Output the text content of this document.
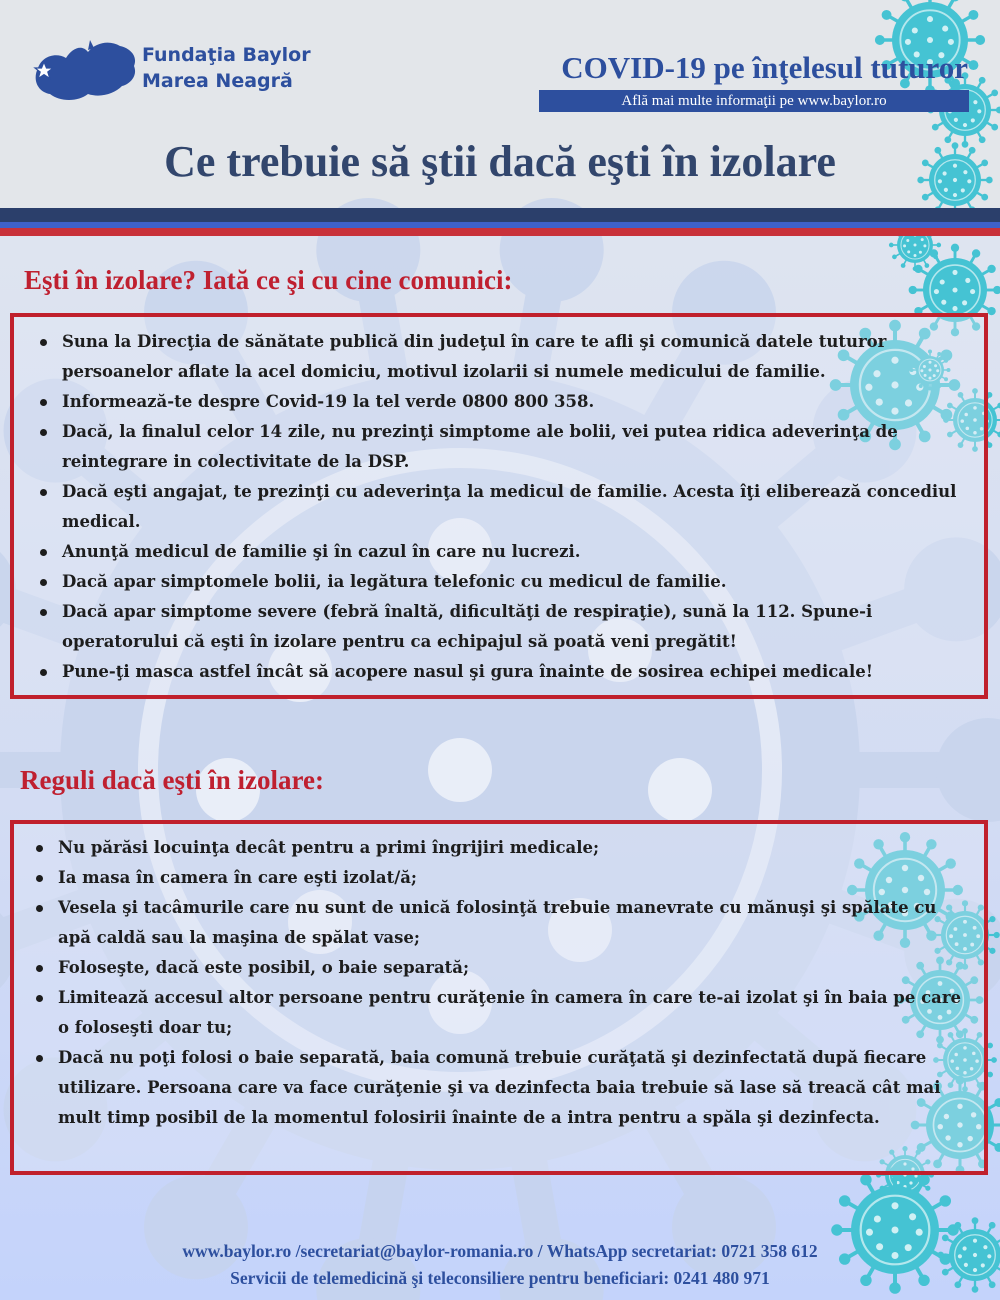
Fundaţia Baylor
Marea Neagră	COVID-19 pe înţelesul tuturor
Află mai multe informaţii pe www.baylor.ro
Ce trebuie să ştii dacă eşti în izolare
Eşti în izolare? Iată ce şi cu cine comunici:
Suna la Direcţia de sănătate publică din judeţul în care te afli şi comunică datele tuturor persoanelor aflate la acel domiciu, motivul izolarii si numele medicului de familie.
Informează-te despre Covid-19 la tel verde 0800 800 358.
Dacă, la finalul celor 14 zile, nu prezinţi simptome ale bolii, vei putea ridica adeverinţa de reintegrare in colectivitate de la DSP.
Dacă eşti angajat, te prezinţi cu adeverinţa la medicul de familie. Acesta îţi eliberează concediul medical.
Anunţă medicul de familie şi în cazul în care nu lucrezi.
Dacă apar simptomele bolii, ia legătura telefonic cu medicul de familie.
Dacă apar simptome severe (febră înaltă, dificultăţi de respiraţie), sună la 112. Spune-i operatorului că eşti în izolare pentru ca echipajul să poată veni pregătit!
Pune-ţi masca astfel încât să acopere nasul şi gura înainte de sosirea echipei medicale!
Reguli dacă eşti în izolare:
Nu părăsi locuinţa decât pentru a primi îngrijiri medicale;
Ia masa în camera în care eşti izolat/ă;
Vesela şi tacâmurile care nu sunt de unică folosinţă trebuie manevrate cu mănuşi şi spălate cu apă caldă sau la maşina de spălat vase;
Foloseşte, dacă este posibil, o baie separată;
Limitează accesul altor persoane pentru curăţenie în camera în care te-ai izolat şi în baia pe care o foloseşti doar tu;
Dacă nu poţi folosi o baie separată, baia comună trebuie curăţată şi dezinfectată după fiecare utilizare. Persoana care va face curăţenie şi va dezinfecta baia trebuie să lase să treacă cât mai mult timp posibil de la momentul folosirii înainte de a intra pentru a spăla şi dezinfecta.
www.baylor.ro /secretariat@baylor-romania.ro / WhatsApp secretariat: 0721 358 612
Servicii de telemedicină şi teleconsiliere pentru beneficiari: 0241 480 971
